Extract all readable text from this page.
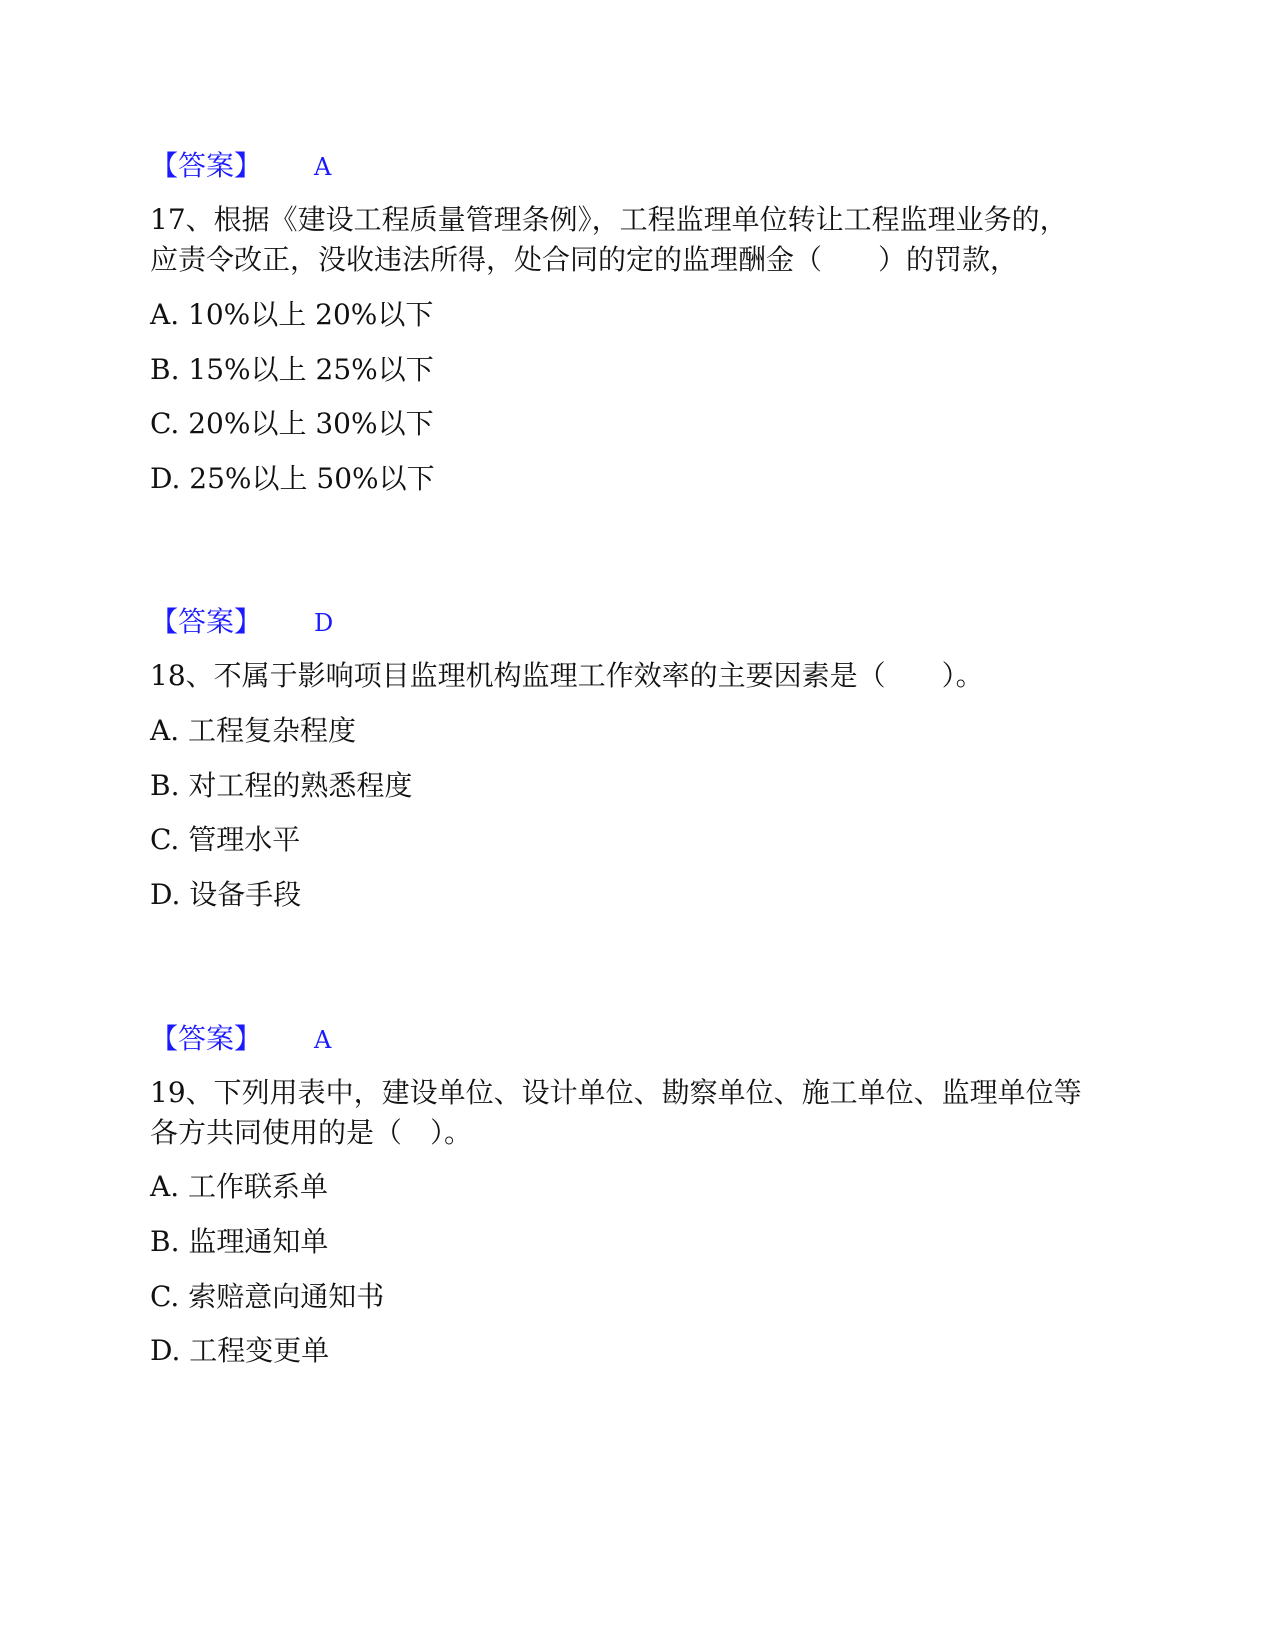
【答案】 A
17、根据《建设工程质量管理条例》，工程监理单位转让工程监理业务的，
应责令改正，没收违法所得，处合同的定的监理酬金（　　）的罚款，
A. 10%以上 20%以下
B. 15%以上 25%以下
C. 20%以上 30%以下
D. 25%以上 50%以下
【答案】 D
18、不属于影响项目监理机构监理工作效率的主要因素是（　　）。
A. 工程复杂程度
B. 对工程的熟悉程度
C. 管理水平
D. 设备手段
【答案】 A
19、下列用表中，建设单位、设计单位、勘察单位、施工单位、监理单位等
各方共同使用的是（　）。
A. 工作联系单
B. 监理通知单
C. 索赔意向通知书
D. 工程变更单
